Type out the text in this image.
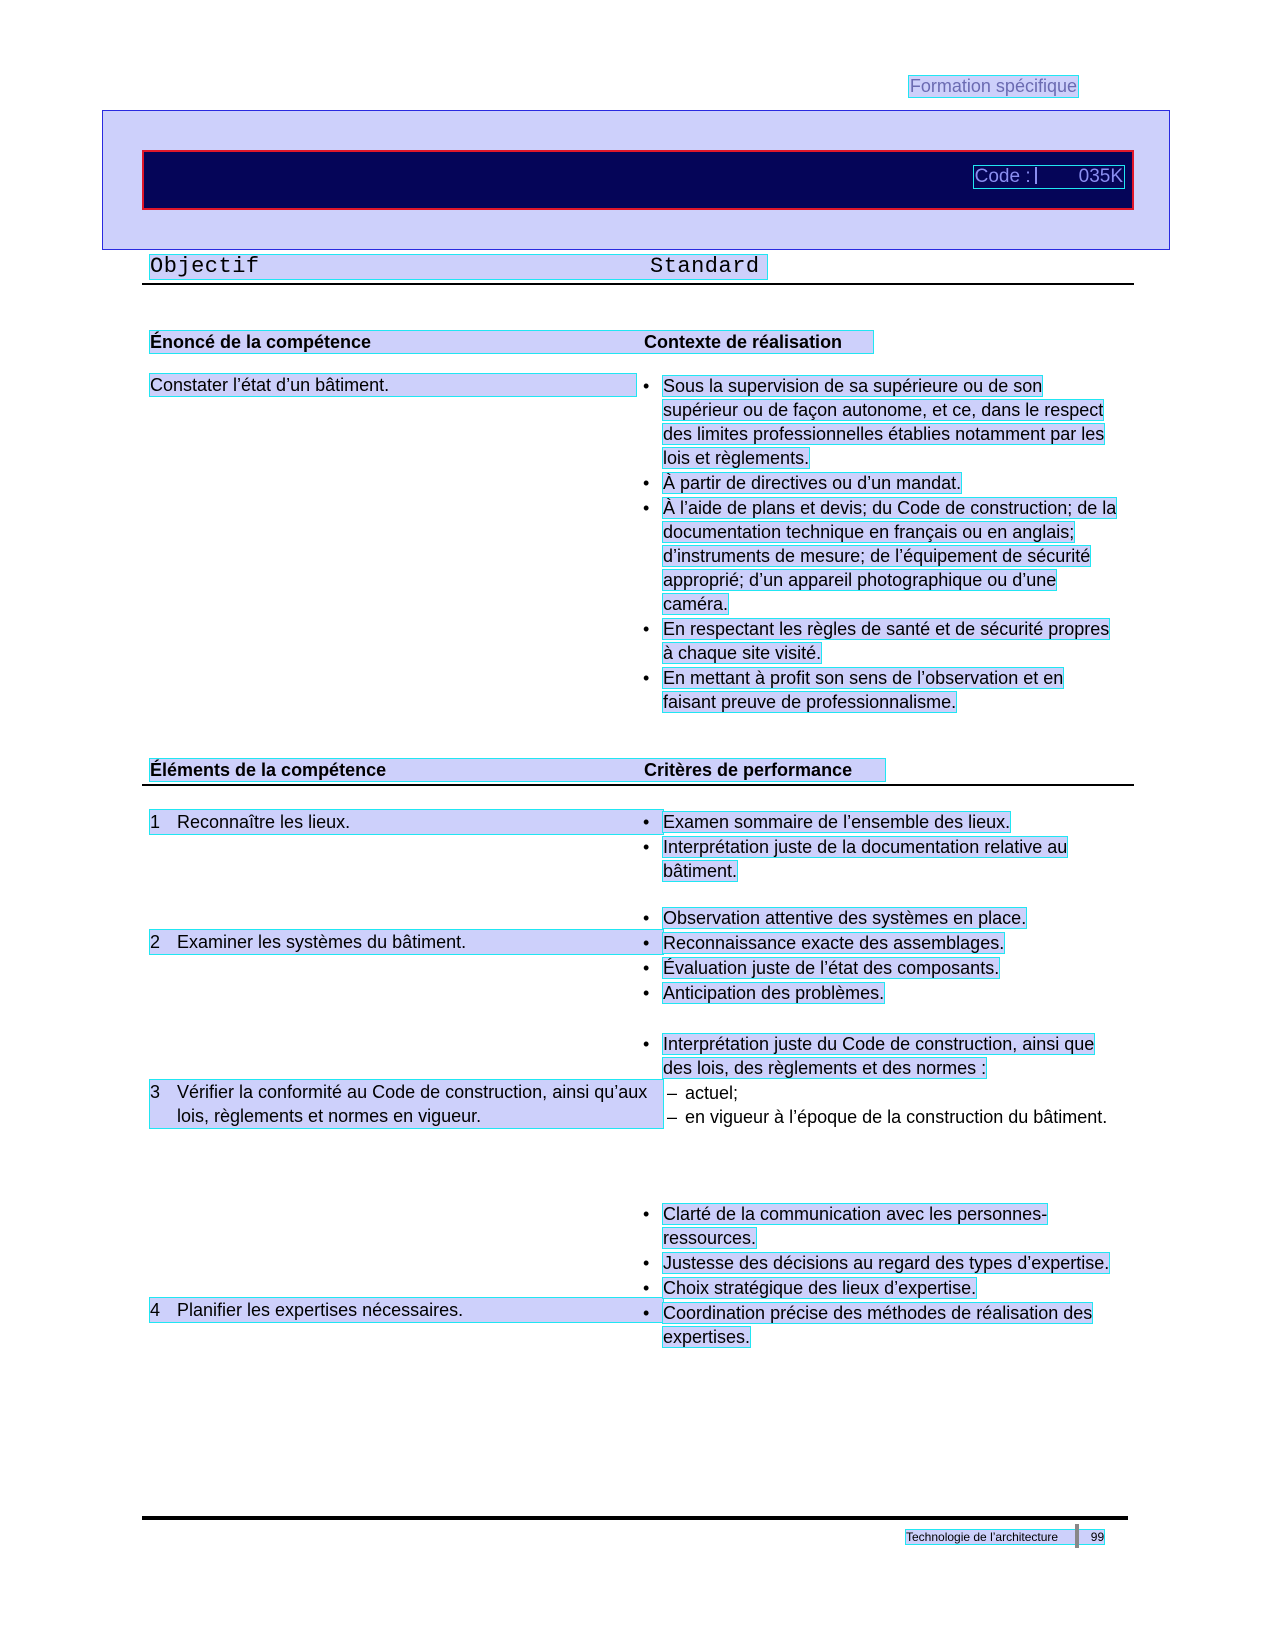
Formation spécifique
Code :	035K
Objectif	Standard
Énoncé de la compétence	Contexte de réalisation
Constater l’état d’un bâtiment.	• Sous la supervision de sa supérieure ou de son supérieur ou de façon autonome, et ce, dans le respect des limites professionnelles établies notamment par les lois et règlements.
• À partir de directives ou d’un mandat.
• À l’aide de plans et devis; du Code de construction; de la documentation technique en français ou en anglais; d’instruments de mesure; de l’équipement de sécurité approprié; d’un appareil photographique ou d’une caméra.
• En respectant les règles de santé et de sécurité propres à chaque site visité.
• En mettant à profit son sens de l’observation et en faisant preuve de professionnalisme.
Éléments de la compétence	Critères de performance
1 Reconnaître les lieux.	• Examen sommaire de l’ensemble des lieux.
• Interprétation juste de la documentation relative au bâtiment.
2 Examiner les systèmes du bâtiment.
• Observation attentive des systèmes en place.
• Reconnaissance exacte des assemblages.
• Évaluation juste de l’état des composants.
• Anticipation des problèmes.
3 Vérifier la conformité au Code de construction, ainsi qu’aux lois, règlements et normes en vigueur.
• Interprétation juste du Code de construction, ainsi que des lois, des règlements et des normes :
– actuel;
– en vigueur à l’époque de la construction du bâtiment.
4 Planifier les expertises nécessaires.
• Clarté de la communication avec les personnes-ressources.
• Justesse des décisions au regard des types d’expertise.
• Choix stratégique des lieux d’expertise.
• Coordination précise des méthodes de réalisation des expertises.
Technologie de l’architecture	99
